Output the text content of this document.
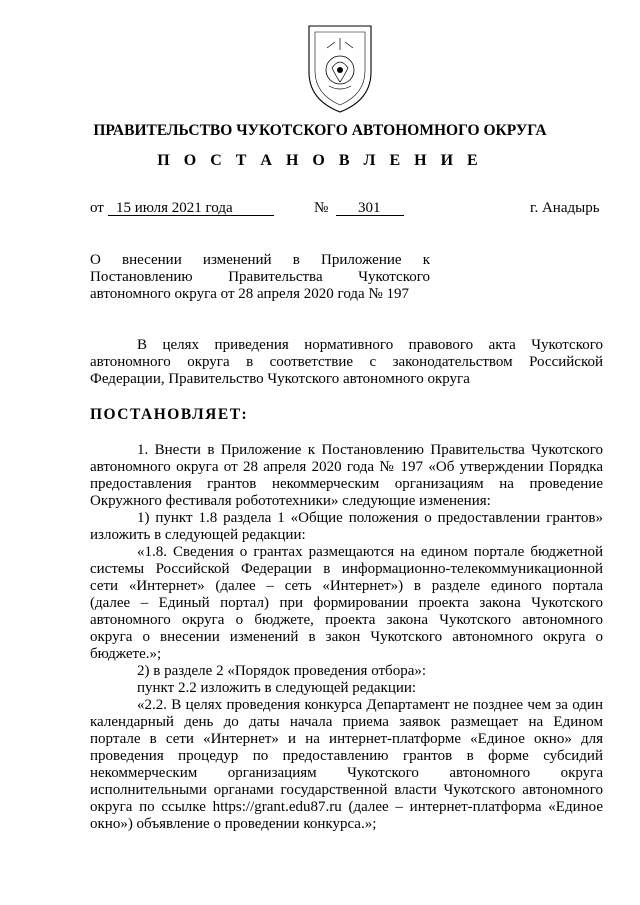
ПРАВИТЕЛЬСТВО ЧУКОТСКОГО АВТОНОМНОГО ОКРУГА
П О С Т А Н О В Л Е Н И Е
от 15 июля 2021 года	№ 301	г. Анадырь
О внесении изменений в Приложение к
Постановлению Правительства Чукотского
автономного округа от 28 апреля 2020 года № 197
В целях приведения нормативного правового акта Чукотского
автономного округа в соответствие с законодательством Российской
Федерации, Правительство Чукотского автономного округа
ПОСТАНОВЛЯЕТ:
1. Внести в Приложение к Постановлению Правительства Чукотского
автономного округа от 28 апреля 2020 года № 197 «Об утверждении Порядка
предоставления грантов некоммерческим организациям на проведение
Окружного фестиваля робототехники» следующие изменения:
1) пункт 1.8 раздела 1 «Общие положения о предоставлении грантов»
изложить в следующей редакции:
«1.8. Сведения о грантах размещаются на едином портале бюджетной
системы Российской Федерации в информационно-телекоммуникационной
сети «Интернет» (далее – сеть «Интернет») в разделе единого портала
(далее – Единый портал) при формировании проекта закона Чукотского
автономного округа о бюджете, проекта закона Чукотского автономного
округа о внесении изменений в закон Чукотского автономного округа о
бюджете.»;
2) в разделе 2 «Порядок проведения отбора»:
пункт 2.2 изложить в следующей редакции:
«2.2. В целях проведения конкурса Департамент не позднее чем за один
календарный день до даты начала приема заявок размещает на Едином
портале в сети «Интернет» и на интернет-платформе «Единое окно» для
проведения процедур по предоставлению грантов в форме субсидий
некоммерческим организациям Чукотского автономного округа
исполнительными органами государственной власти Чукотского автономного
округа по ссылке https://grant.edu87.ru (далее – интернет-платформа «Единое
окно») объявление о проведении конкурса.»;
